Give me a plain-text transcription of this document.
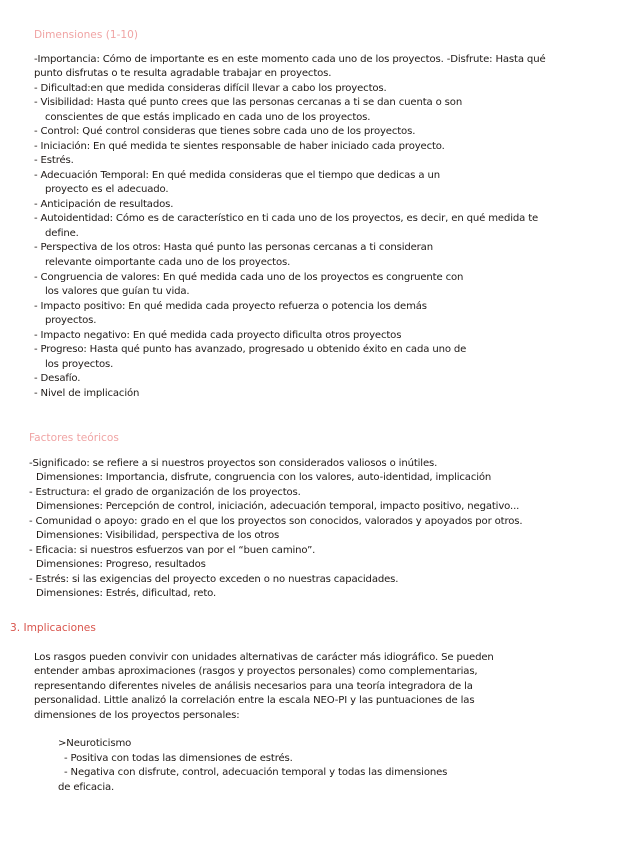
Dimensiones (1-10)
-Importancia: Cómo de importante es en este momento cada uno de los proyectos. -Disfrute: Hasta qué
punto disfrutas o te resulta agradable trabajar en proyectos.
- Dificultad:en que medida consideras difícil llevar a cabo los proyectos.
- Visibilidad: Hasta qué punto crees que las personas cercanas a ti se dan cuenta o son
conscientes de que estás implicado en cada uno de los proyectos.
- Control: Qué control consideras que tienes sobre cada uno de los proyectos.
- Iniciación: En qué medida te sientes responsable de haber iniciado cada proyecto.
- Estrés.
- Adecuación Temporal: En qué medida consideras que el tiempo que dedicas a un
proyecto es el adecuado.
- Anticipación de resultados.
- Autoidentidad: Cómo es de característico en ti cada uno de los proyectos, es decir, en qué medida te
define.
- Perspectiva de los otros: Hasta qué punto las personas cercanas a ti consideran
relevante oimportante cada uno de los proyectos.
- Congruencia de valores: En qué medida cada uno de los proyectos es congruente con
los valores que guían tu vida.
- Impacto positivo: En qué medida cada proyecto refuerza o potencia los demás
proyectos.
- Impacto negativo: En qué medida cada proyecto dificulta otros proyectos
- Progreso: Hasta qué punto has avanzado, progresado u obtenido éxito en cada uno de
los proyectos.
- Desafío.
- Nivel de implicación
Factores teóricos
-Significado: se refiere a si nuestros proyectos son considerados valiosos o inútiles.
Dimensiones: Importancia, disfrute, congruencia con los valores, auto-identidad, implicación
- Estructura: el grado de organización de los proyectos.
Dimensiones: Percepción de control, iniciación, adecuación temporal, impacto positivo, negativo...
- Comunidad o apoyo: grado en el que los proyectos son conocidos, valorados y apoyados por otros.
Dimensiones: Visibilidad, perspectiva de los otros
- Eficacia: si nuestros esfuerzos van por el “buen camino”.
Dimensiones: Progreso, resultados
- Estrés: si las exigencias del proyecto exceden o no nuestras capacidades.
Dimensiones: Estrés, dificultad, reto.
3. Implicaciones
Los rasgos pueden convivir con unidades alternativas de carácter más idiográfico. Se pueden
entender ambas aproximaciones (rasgos y proyectos personales) como complementarias,
representando diferentes niveles de análisis necesarios para una teoría integradora de la
personalidad. Little analizó la correlación entre la escala NEO-PI y las puntuaciones de las
dimensiones de los proyectos personales:
>Neuroticismo
- Positiva con todas las dimensiones de estrés.
- Negativa con disfrute, control, adecuación temporal y todas las dimensiones
de eficacia.
